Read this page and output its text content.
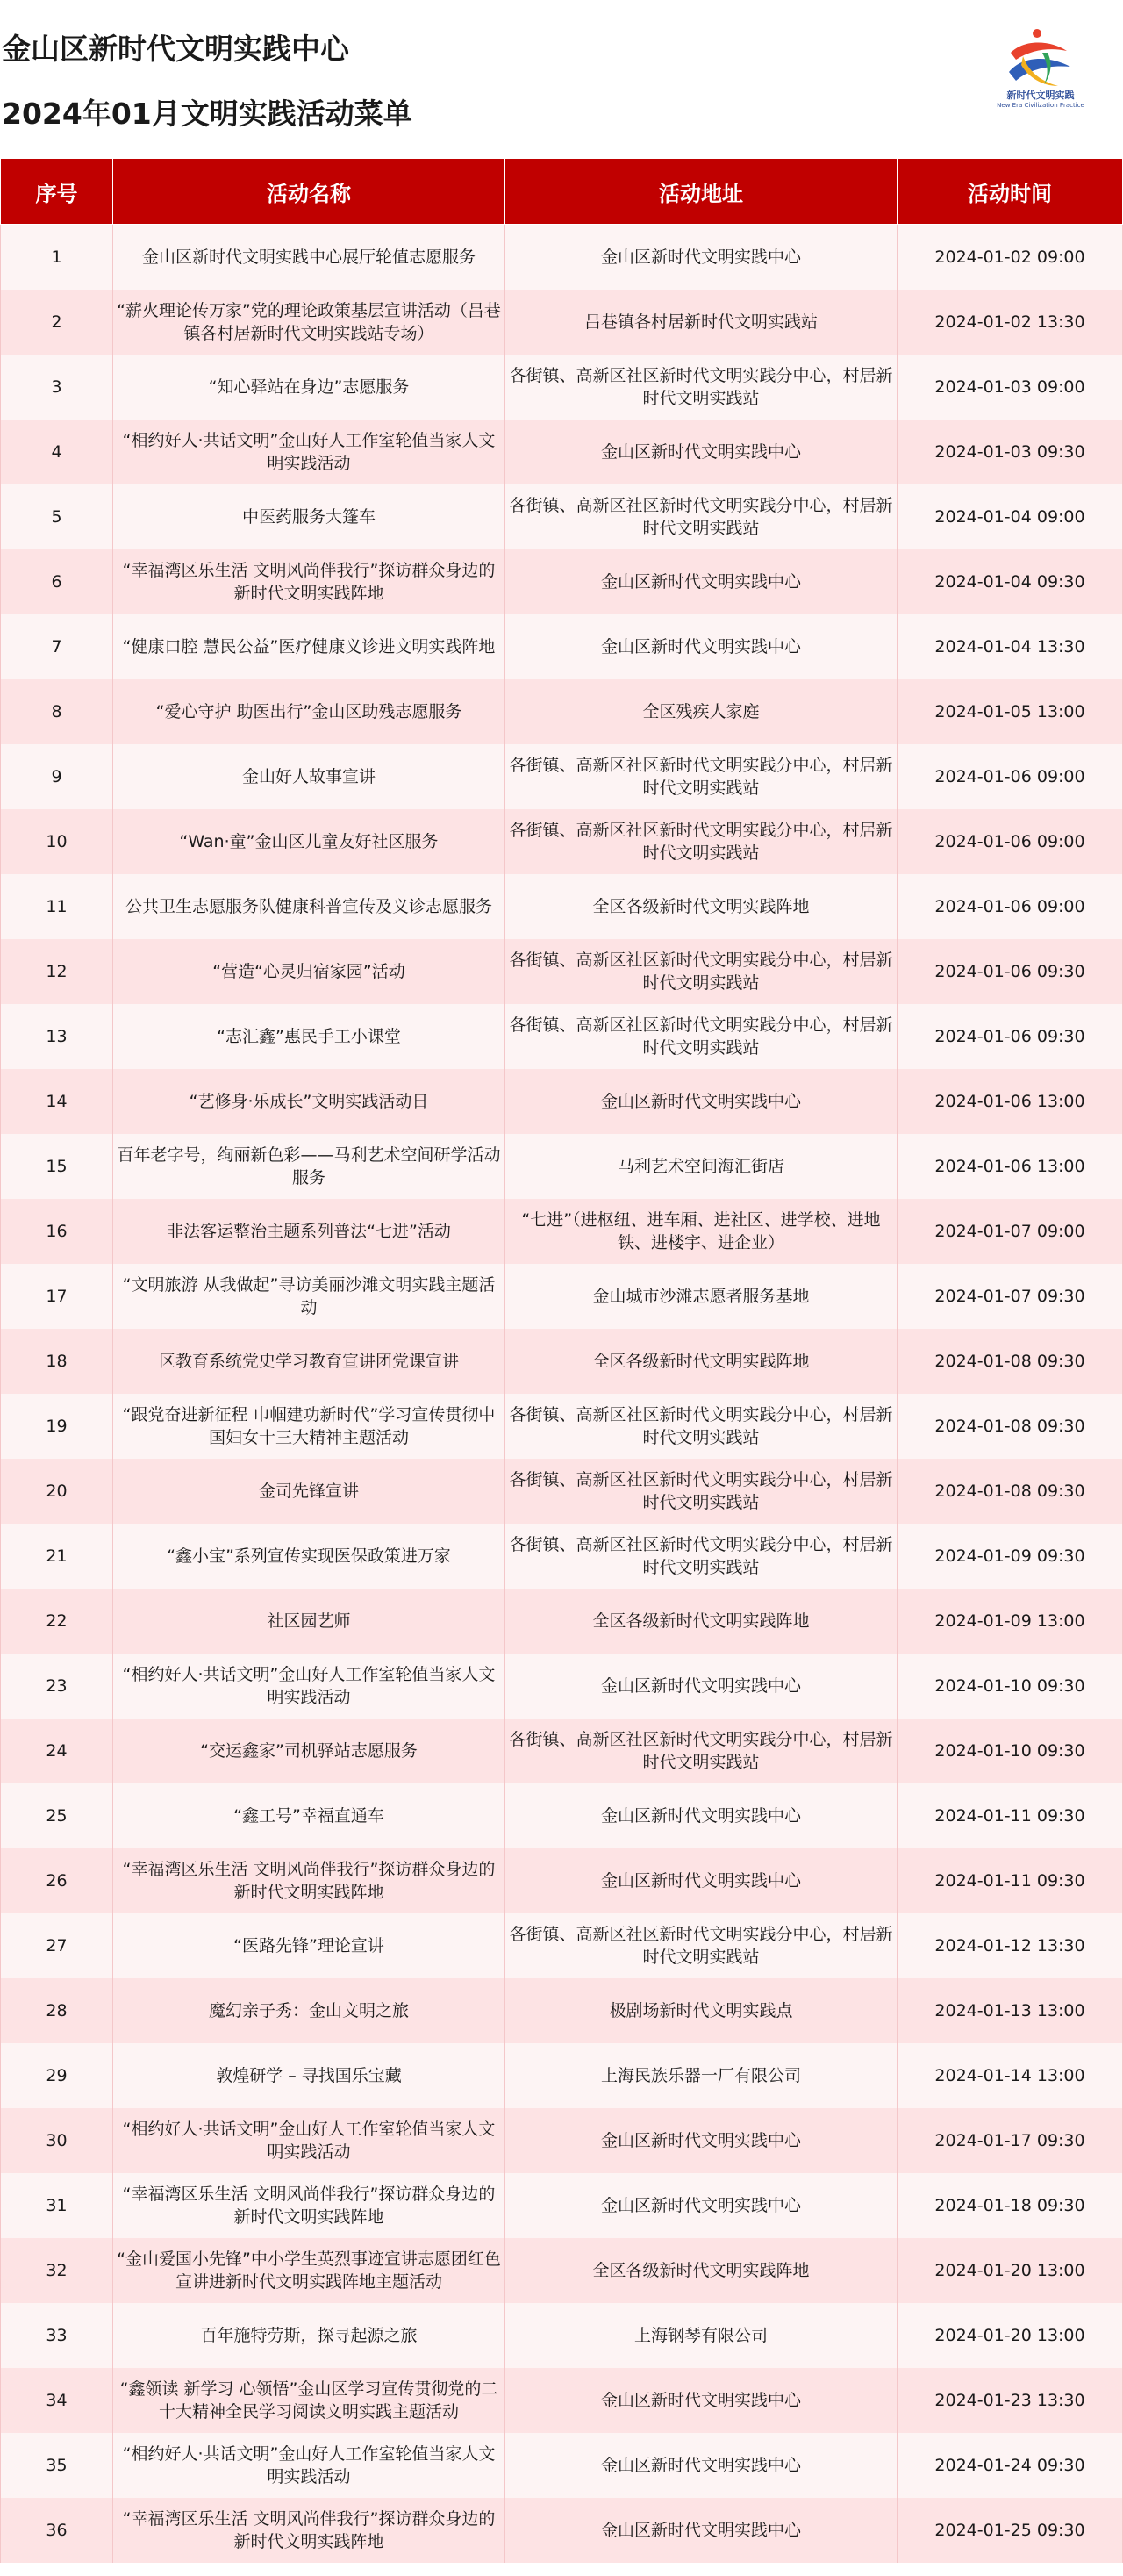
金山区新时代文明实践中心
2024年01月文明实践活动菜单
新时代文明实践
New Era Civilization Practice
序号	活动名称	活动地址	活动时间
1	金山区新时代文明实践中心展厅轮值志愿服务	金山区新时代文明实践中心	2024-01-02 09:00
2	“薪火理论传万家”党的理论政策基层宣讲活动（吕巷镇各村居新时代文明实践站专场）	吕巷镇各村居新时代文明实践站	2024-01-02 13:30
3	“知心驿站在身边”志愿服务	各街镇、高新区社区新时代文明实践分中心，村居新时代文明实践站	2024-01-03 09:00
4	“相约好人·共话文明”金山好人工作室轮值当家人文明实践活动	金山区新时代文明实践中心	2024-01-03 09:30
5	中医药服务大篷车	各街镇、高新区社区新时代文明实践分中心，村居新时代文明实践站	2024-01-04 09:00
6	“幸福湾区乐生活 文明风尚伴我行”探访群众身边的新时代文明实践阵地	金山区新时代文明实践中心	2024-01-04 09:30
7	“健康口腔 慧民公益”医疗健康义诊进文明实践阵地	金山区新时代文明实践中心	2024-01-04 13:30
8	“爱心守护 助医出行”金山区助残志愿服务	全区残疾人家庭	2024-01-05 13:00
9	金山好人故事宣讲	各街镇、高新区社区新时代文明实践分中心，村居新时代文明实践站	2024-01-06 09:00
10	“Wan·童”金山区儿童友好社区服务	各街镇、高新区社区新时代文明实践分中心，村居新时代文明实践站	2024-01-06 09:00
11	公共卫生志愿服务队健康科普宣传及义诊志愿服务	全区各级新时代文明实践阵地	2024-01-06 09:00
12	“营造“心灵归宿家园”活动	各街镇、高新区社区新时代文明实践分中心，村居新时代文明实践站	2024-01-06 09:30
13	“志汇鑫”惠民手工小课堂	各街镇、高新区社区新时代文明实践分中心，村居新时代文明实践站	2024-01-06 09:30
14	“艺修身·乐成长”文明实践活动日	金山区新时代文明实践中心	2024-01-06 13:00
15	百年老字号，绚丽新色彩——马利艺术空间研学活动服务	马利艺术空间海汇街店	2024-01-06 13:00
16	非法客运整治主题系列普法“七进”活动	“七进”（进枢纽、进车厢、进社区、进学校、进地铁、进楼宇、进企业）	2024-01-07 09:00
17	“文明旅游 从我做起”寻访美丽沙滩文明实践主题活动	金山城市沙滩志愿者服务基地	2024-01-07 09:30
18	区教育系统党史学习教育宣讲团党课宣讲	全区各级新时代文明实践阵地	2024-01-08 09:30
19	“跟党奋进新征程 巾帼建功新时代”学习宣传贯彻中国妇女十三大精神主题活动	各街镇、高新区社区新时代文明实践分中心，村居新时代文明实践站	2024-01-08 09:30
20	金司先锋宣讲	各街镇、高新区社区新时代文明实践分中心，村居新时代文明实践站	2024-01-08 09:30
21	“鑫小宝”系列宣传实现医保政策进万家	各街镇、高新区社区新时代文明实践分中心，村居新时代文明实践站	2024-01-09 09:30
22	社区园艺师	全区各级新时代文明实践阵地	2024-01-09 13:00
23	“相约好人·共话文明”金山好人工作室轮值当家人文明实践活动	金山区新时代文明实践中心	2024-01-10 09:30
24	“交运鑫家”司机驿站志愿服务	各街镇、高新区社区新时代文明实践分中心，村居新时代文明实践站	2024-01-10 09:30
25	“鑫工号”幸福直通车	金山区新时代文明实践中心	2024-01-11 09:30
26	“幸福湾区乐生活 文明风尚伴我行”探访群众身边的新时代文明实践阵地	金山区新时代文明实践中心	2024-01-11 09:30
27	“医路先锋”理论宣讲	各街镇、高新区社区新时代文明实践分中心，村居新时代文明实践站	2024-01-12 13:30
28	魔幻亲子秀：金山文明之旅	极剧场新时代文明实践点	2024-01-13 13:00
29	敦煌研学 – 寻找国乐宝藏	上海民族乐器一厂有限公司	2024-01-14 13:00
30	“相约好人·共话文明”金山好人工作室轮值当家人文明实践活动	金山区新时代文明实践中心	2024-01-17 09:30
31	“幸福湾区乐生活 文明风尚伴我行”探访群众身边的新时代文明实践阵地	金山区新时代文明实践中心	2024-01-18 09:30
32	“金山爱国小先锋”中小学生英烈事迹宣讲志愿团红色宣讲进新时代文明实践阵地主题活动	全区各级新时代文明实践阵地	2024-01-20 13:00
33	百年施特劳斯，探寻起源之旅	上海钢琴有限公司	2024-01-20 13:00
34	“鑫领读 新学习 心领悟”金山区学习宣传贯彻党的二十大精神全民学习阅读文明实践主题活动	金山区新时代文明实践中心	2024-01-23 13:30
35	“相约好人·共话文明”金山好人工作室轮值当家人文明实践活动	金山区新时代文明实践中心	2024-01-24 09:30
36	“幸福湾区乐生活 文明风尚伴我行”探访群众身边的新时代文明实践阵地	金山区新时代文明实践中心	2024-01-25 09:30
